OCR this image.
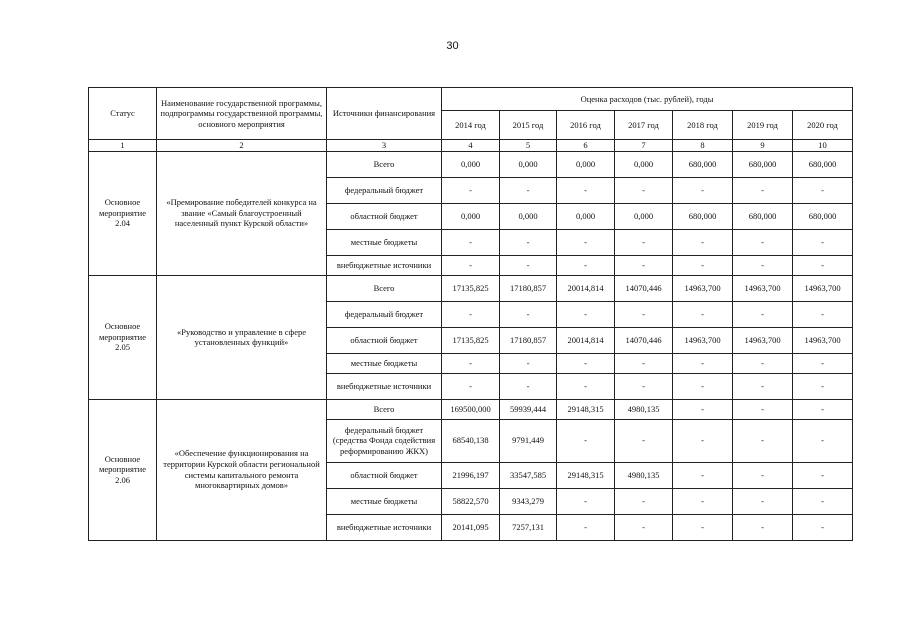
30
Статус	Наименование государственной программы, подпрограммы государственной программы, основного мероприятия	Источники финансирования	Оценка расходов (тыс. рублей), годы						
			2014 год	2015 год	2016 год	2017 год	2018 год	2019 год	2020 год
1	2	3	4	5	6	7	8	9	10
Основное мероприятие 2.04	«Премирование победителей конкурса на звание «Самый благоустроенный населенный пункт Курской области»	Всего	0,000	0,000	0,000	0,000	680,000	680,000	680,000
		федеральный бюджет	-	-	-	-	-	-	-
		областной бюджет	0,000	0,000	0,000	0,000	680,000	680,000	680,000
		местные бюджеты	-	-	-	-	-	-	-
		внебюджетные источники	-	-	-	-	-	-	-
Основное мероприятие 2.05	«Руководство и управление в сфере установленных функций»	Всего	17135,825	17180,857	20014,814	14070,446	14963,700	14963,700	14963,700
		федеральный бюджет	-	-	-	-	-	-	-
		областной бюджет	17135,825	17180,857	20014,814	14070,446	14963,700	14963,700	14963,700
		местные бюджеты	-	-	-	-	-	-	-
		внебюджетные источники	-	-	-	-	-	-	-
Основное мероприятие 2.06	«Обеспечение функционирования на территории Курской области региональной системы капитального ремонта многоквартирных домов»	Всего	169500,000	59939,444	29148,315	4980,135	-	-	-
		федеральный бюджет (средства Фонда содействия реформированию ЖКХ)	68540,138	9791,449	-	-	-	-	-
		областной бюджет	21996,197	33547,585	29148,315	4980,135	-	-	-
		местные бюджеты	58822,570	9343,279	-	-	-	-	-
		внебюджетные источники	20141,095	7257,131	-	-	-	-	-
